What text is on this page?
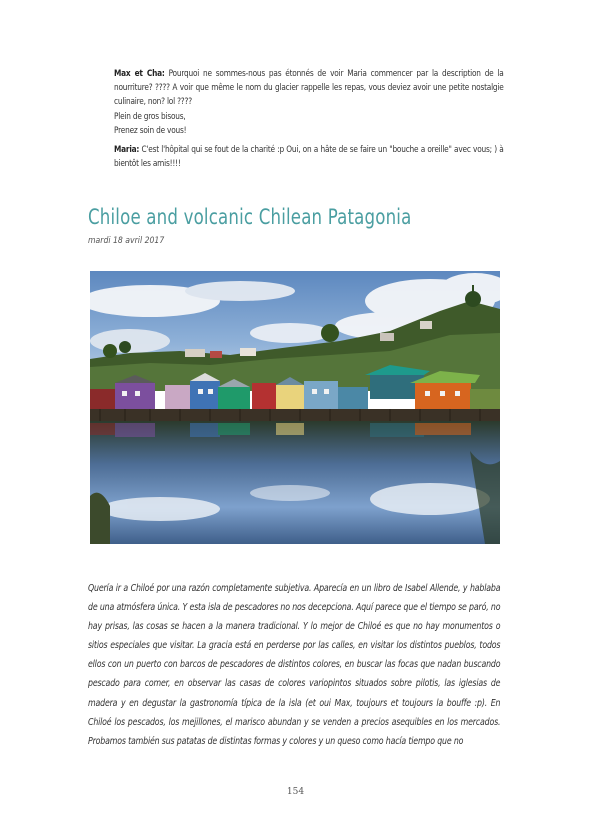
Max et Cha: Pourquoi ne sommes-nous pas étonnés de voir Maria commencer par la description de la nourriture? ???? A voir que même le nom du glacier rappelle les repas, vous deviez avoir une petite nostalgie culinaire, non? lol ????

Plein de gros bisous,

Prenez soin de vous!

Maria: C'est l'hôpital qui se fout de la charité :p Oui, on a hâte de se faire un "bouche a oreille" avec vous; ) à bientôt les amis!!!!

Chiloe and volcanic Chilean Patagonia
mardi 18 avril 2017

Quería ir a Chiloé por una razón completamente subjetiva. Aparecía en un libro de Isabel Allende, y hablaba de una atmósfera única. Y esta isla de pescadores no nos decepciona. Aquí parece que el tiempo se paró, no hay prisas, las cosas se hacen a la manera tradicional. Y lo mejor de Chiloé es que no hay monumentos o sitios especiales que visitar. La gracia está en perderse por las calles, en visitar los distintos pueblos, todos ellos con un puerto con barcos de pescadores de distintos colores, en buscar las focas que nadan buscando pescado para comer, en observar las casas de colores variopintos situados sobre pilotis, las iglesias de madera y en degustar la gastronomía típica de la isla (et oui Max, toujours et toujours la bouffe :p). En Chiloé los pescados, los mejillones, el marisco abundan y se venden a precios asequibles en los mercados. Probamos también sus patatas de distintas formas y colores y un queso como hacía tiempo que no

154
